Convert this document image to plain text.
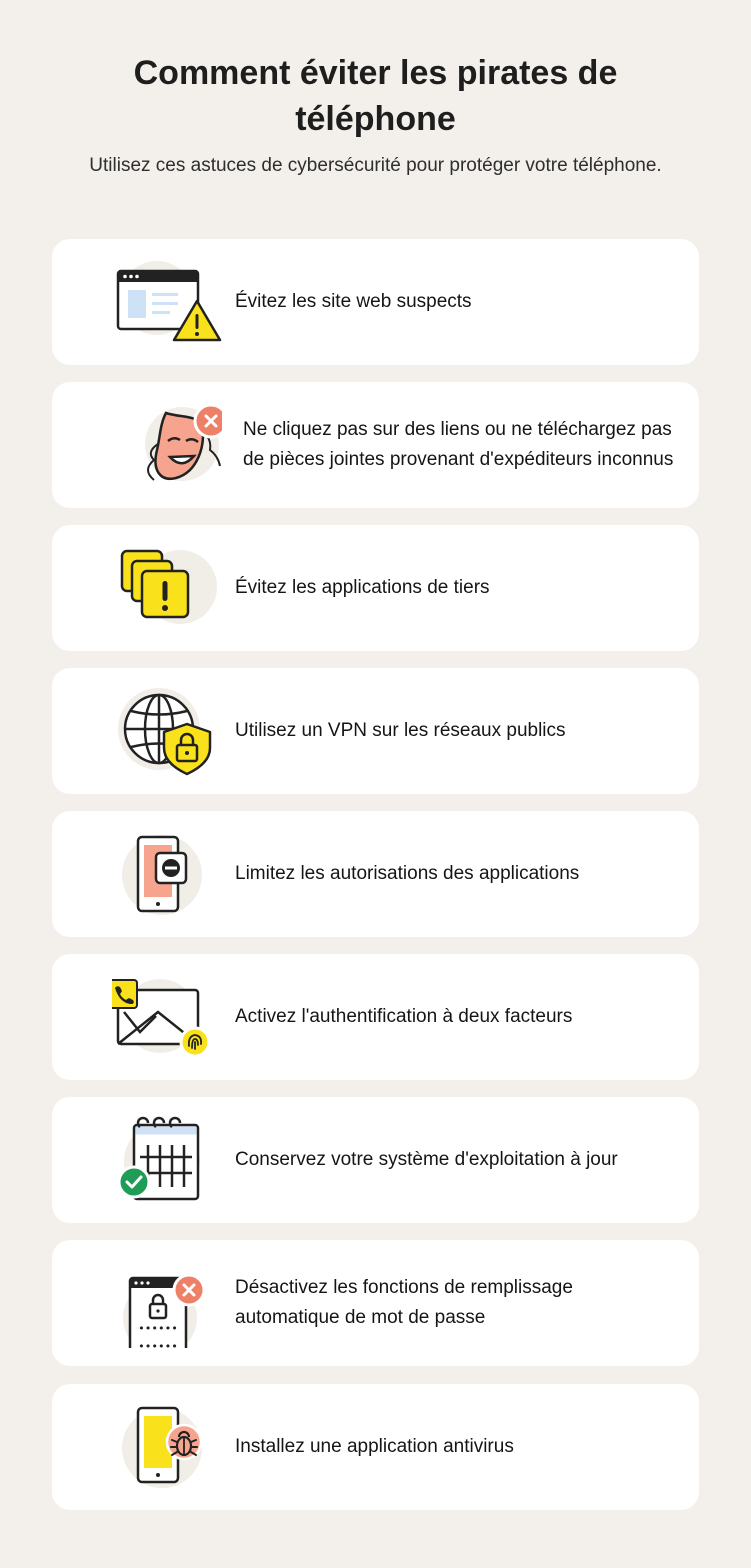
Comment éviter les pirates de téléphone
Utilisez ces astuces de cybersécurité pour protéger votre téléphone.
Évitez les site web suspects
Ne cliquez pas sur des liens ou ne téléchargez pas de pièces jointes provenant d'expéditeurs inconnus
Évitez les applications de tiers
Utilisez un VPN sur les réseaux publics
Limitez les autorisations des applications
Activez l'authentification à deux facteurs
Conservez votre système d'exploitation à jour
••••••
••••••
Désactivez les fonctions de remplissage automatique de mot de passe
Installez une application antivirus
